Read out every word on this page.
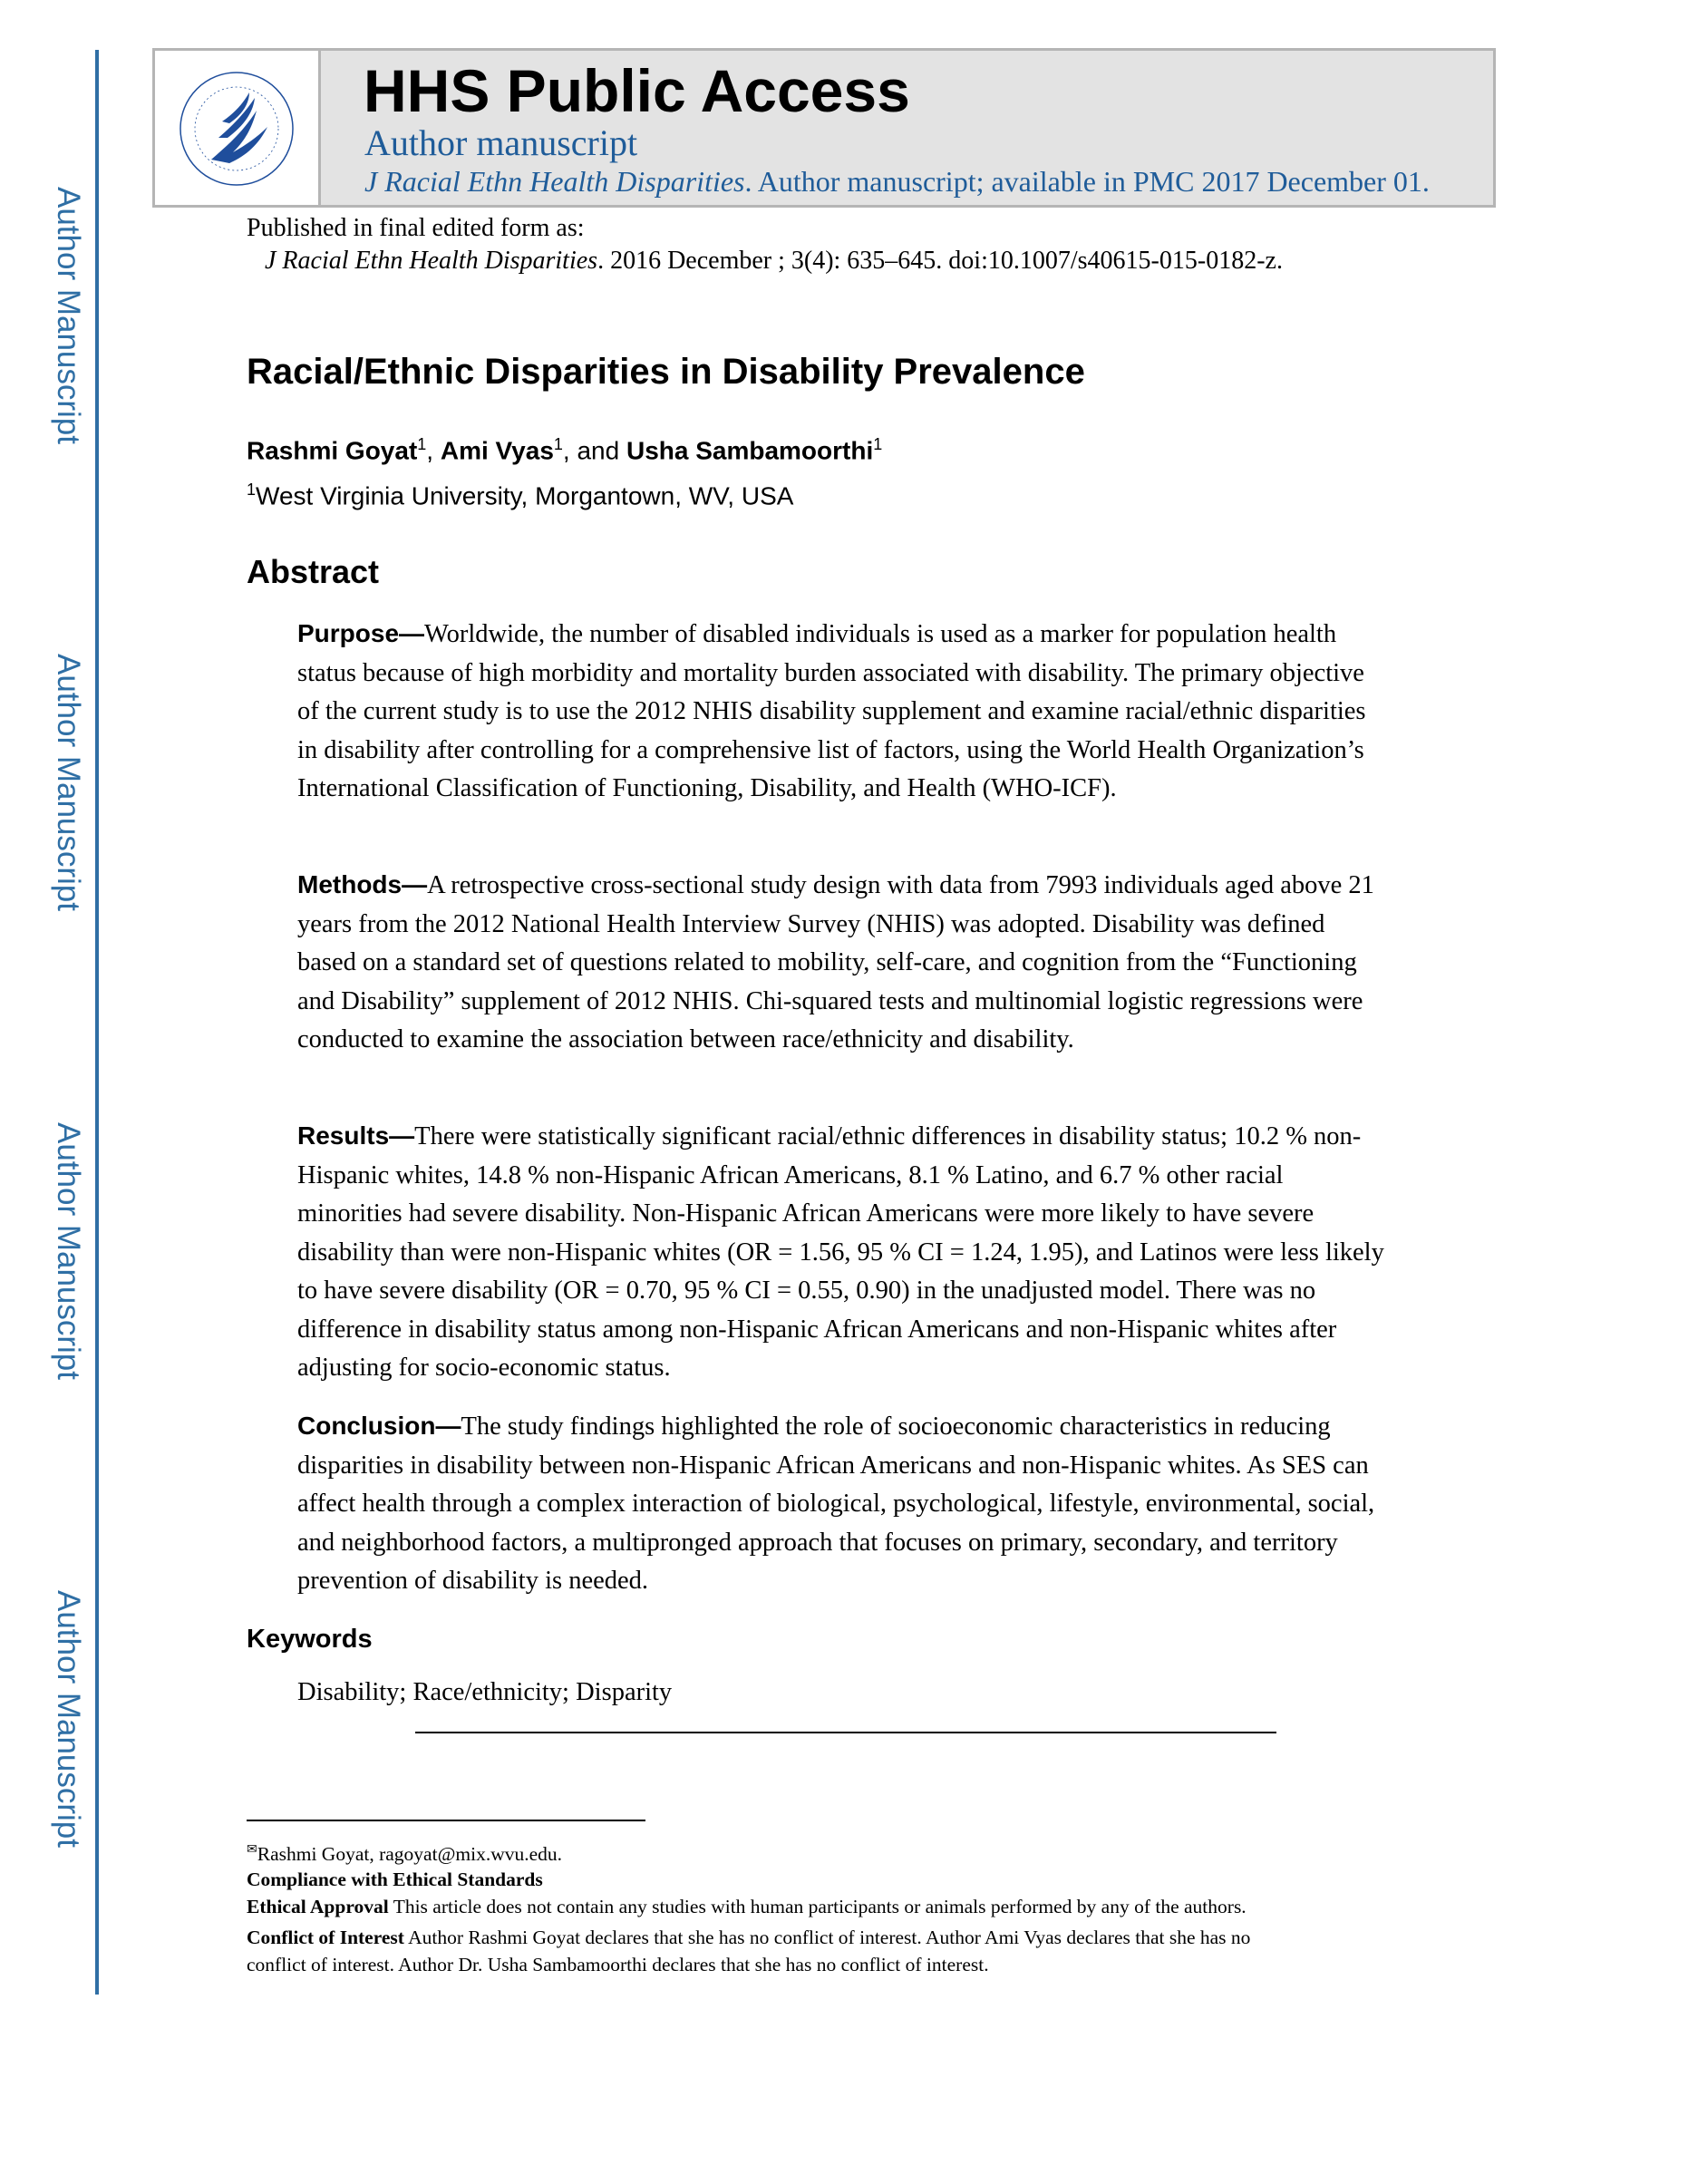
Author Manuscript
Author Manuscript
Author Manuscript
Author Manuscript
HHS Public Access
Author manuscript
J Racial Ethn Health Disparities. Author manuscript; available in PMC 2017 December 01.
Published in final edited form as:
J Racial Ethn Health Disparities. 2016 December ; 3(4): 635–645. doi:10.1007/s40615-015-0182-z.
Racial/Ethnic Disparities in Disability Prevalence
Rashmi Goyat$^1$, Ami Vyas$^1$, and Usha Sambamoorthi$^1$
$^1$West Virginia University, Morgantown, WV, USA
Abstract
Purpose—Worldwide, the number of disabled individuals is used as a marker for population health status because of high morbidity and mortality burden associated with disability. The primary objective of the current study is to use the 2012 NHIS disability supplement and examine racial/ethnic disparities in disability after controlling for a comprehensive list of factors, using the World Health Organization’s International Classification of Functioning, Disability, and Health (WHO-ICF).
Methods—A retrospective cross-sectional study design with data from 7993 individuals aged above 21 years from the 2012 National Health Interview Survey (NHIS) was adopted. Disability was defined based on a standard set of questions related to mobility, self-care, and cognition from the “Functioning and Disability” supplement of 2012 NHIS. Chi-squared tests and multinomial logistic regressions were conducted to examine the association between race/ethnicity and disability.
Results—There were statistically significant racial/ethnic differences in disability status; 10.2 % non-Hispanic whites, 14.8 % non-Hispanic African Americans, 8.1 % Latino, and 6.7 % other racial minorities had severe disability. Non-Hispanic African Americans were more likely to have severe disability than were non-Hispanic whites (OR = 1.56, 95 % CI = 1.24, 1.95), and Latinos were less likely to have severe disability (OR = 0.70, 95 % CI = 0.55, 0.90) in the unadjusted model. There was no difference in disability status among non-Hispanic African Americans and non-Hispanic whites after adjusting for socio-economic status.
Conclusion—The study findings highlighted the role of socioeconomic characteristics in reducing disparities in disability between non-Hispanic African Americans and non-Hispanic whites. As SES can affect health through a complex interaction of biological, psychological, lifestyle, environmental, social, and neighborhood factors, a multipronged approach that focuses on primary, secondary, and territory prevention of disability is needed.
Keywords
Disability; Race/ethnicity; Disparity
✉Rashmi Goyat, ragoyat@mix.wvu.edu.
Compliance with Ethical Standards
Ethical Approval This article does not contain any studies with human participants or animals performed by any of the authors.
Conflict of Interest Author Rashmi Goyat declares that she has no conflict of interest. Author Ami Vyas declares that she has no
conflict of interest. Author Dr. Usha Sambamoorthi declares that she has no conflict of interest.
